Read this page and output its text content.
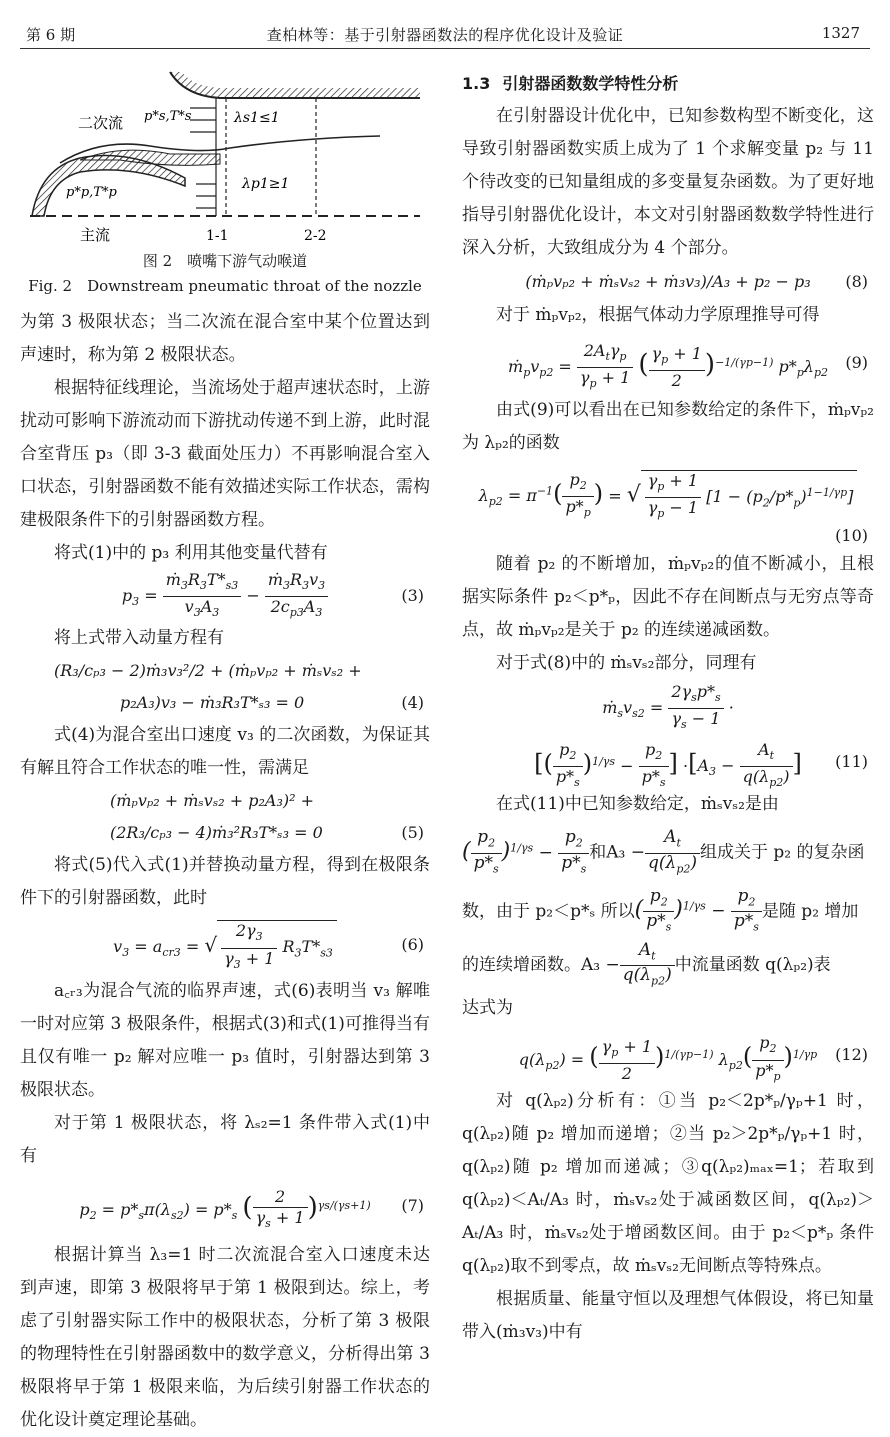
第 6 期	查柏林等：基于引射器函数法的程序优化设计及验证	1327
二次流 p*s,T*s	λs1≤1
λp1≥1
p*p,T*p
主流	1-1	2-2
图 2　喷嘴下游气动喉道
Fig. 2　Downstream pneumatic throat of the nozzle

为第 3 极限状态；当二次流在混合室中某个位置达到声速时，称为第 2 极限状态。

根据特征线理论，当流场处于超声速状态时，上游扰动可影响下游流动而下游扰动传递不到上游，此时混合室背压 p₃（即 3-3 截面处压力）不再影响混合室入口状态，引射器函数不能有效描述实际工作状态，需构建极限条件下的引射器函数方程。

将式(1)中的 p₃ 利用其他变量代替有

$p_3 = \frac{ṁ_3R_3T*_{s3}}{v_3A_3} - \frac{ṁ_3R_3v_3}{2c_{p3}A_3}$	(3)

将上式带入动量方程有

(R₃/cₚ₃ − 2)ṁ₃v₃²/2 + (ṁₚvₚ₂ + ṁₛvₛ₂ +
p₂A₃)v₃ − ṁ₃R₃T*ₛ₃ = 0	(4)

式(4)为混合室出口速度 v₃ 的二次函数，为保证其有解且符合工作状态的唯一性，需满足

(ṁₚvₚ₂ + ṁₛvₛ₂ + p₂A₃)² +
(2R₃/cₚ₃ − 4)ṁ₃²R₃T*ₛ₃ = 0	(5)

将式(5)代入式(1)并替换动量方程，得到在极限条件下的引射器函数，此时

$v_3 = a_{cr3}$ = √ $\frac{2\gamma_3}{\gamma_3 + 1} R_3T*_{s3}$	(6)

a꜀ᵣ₃为混合气流的临界声速，式(6)表明当 v₃ 解唯一时对应第 3 极限条件，根据式(3)和式(1)可推得当有且仅有唯一 p₂ 解对应唯一 p₃ 值时，引射器达到第 3 极限状态。

对于第 1 极限状态，将 λₛ₂=1 条件带入式(1)中有

$p_2 = p*_s\pi(\lambda_{s2}) = p*_s$ ( $\frac{2}{\gamma_s + 1} )^{\gamma s/(\gamma s+1)}$ (7)

根据计算当 λ₃=1 时二次流混合室入口速度未达到声速，即第 3 极限将早于第 1 极限到达。综上，考虑了引射器实际工作中的极限状态，分析了第 3 极限的物理特性在引射器函数中的数学意义，分析得出第 3 极限将早于第 1 极限来临，为后续引射器工作状态的优化设计奠定理论基础。

1.3 引射器函数数学特性分析

在引射器设计优化中，已知参数构型不断变化，这导致引射器函数实质上成为了 1 个求解变量 p₂ 与 11 个待改变的已知量组成的多变量复杂函数。为了更好地指导引射器优化设计，本文对引射器函数数学特性进行深入分析，大致组成分为 4 个部分。

(ṁₚvₚ₂ + ṁₛvₛ₂ + ṁ₃v₃)/A₃ + p₂ − p₃ (8)

对于 ṁₚvₚ₂，根据气体动力学原理推导可得

$ṁ_pv_{p2} = \frac{2A_t\gamma_p}{\gamma_p + 1}$ ( $\frac{\gamma_p + 1}{2} )^{-1/(\gamma p-1)}$ $p*_p\lambda_{p2}$
(9)

由式(9)可以看出在已知参数给定的条件下，ṁₚvₚ₂为 λₚ₂的函数

$\lambda_{p2} = \pi^{-1}( \frac{p_2}{p*_p}$ ) = √ $\frac{\gamma_p + 1}{\gamma_p - 1} [1 - (p_2/p*_p)^{1-1/\gamma p}]$
(10)

随着 p₂ 的不断增加，ṁₚvₚ₂的值不断减小，且根据实际条件 p₂＜p*ₚ，因此不存在间断点与无穷点等奇点，故 ṁₚvₚ₂是关于 p₂ 的连续递减函数。

对于式(8)中的 ṁₛvₛ₂部分，同理有

$ṁ_sv_{s2} = \frac{2\gamma_sp*_s}{\gamma_s - 1}$ ·
[( $\frac{p_2}{p*_s} )^{1/\gamma s} - \frac{p_2}{p*_s}$ ] $\cdot[A_3 - \frac{A_t}{q(\lambda_{p2})}$ ] (11)

在式(11)中已知参数给定，ṁₛvₛ₂是由

( $\frac{p_2}{p*_s} )^{1/\gamma s} - \frac{p_2}{p*_s}$ 和$A_3 - \frac{A_t}{q(\lambda_{p2})}$ 组成关于 p₂ 的复杂函

数，由于 p₂＜p*ₛ 所以( $\frac{p_2}{p*_s} )^{1/\gamma s} - \frac{p_2}{p*_s}$ 是随 p₂ 增加

的连续增函数。$A_3 - \frac{A_t}{q(\lambda_{p2})}$ 中流量函数 q(λₚ₂)表

达式为

$q(\lambda_{p2})$ = ( $\frac{\gamma_p + 1}{2} )^{1/(\gamma p-1)}$ $\lambda_{p2}( \frac{p_2}{p*_p} )^{1/\gamma p}$ (12)

对 q(λₚ₂)分析有：①当 p₂＜2p*ₚ/γₚ+1 时，q(λₚ₂)随 p₂ 增加而递增；②当 p₂＞2p*ₚ/γₚ+1 时，q(λₚ₂)随 p₂ 增加而递减；③q(λₚ₂)ₘₐₓ=1；若取到 q(λₚ₂)＜Aₜ/A₃ 时，ṁₛvₛ₂处于减函数区间，q(λₚ₂)＞Aₜ/A₃ 时，ṁₛvₛ₂处于增函数区间。由于 p₂＜p*ₚ 条件 q(λₚ₂)取不到零点，故 ṁₛvₛ₂无间断点等特殊点。

根据质量、能量守恒以及理想气体假设，将已知量带入(ṁ₃v₃)中有
